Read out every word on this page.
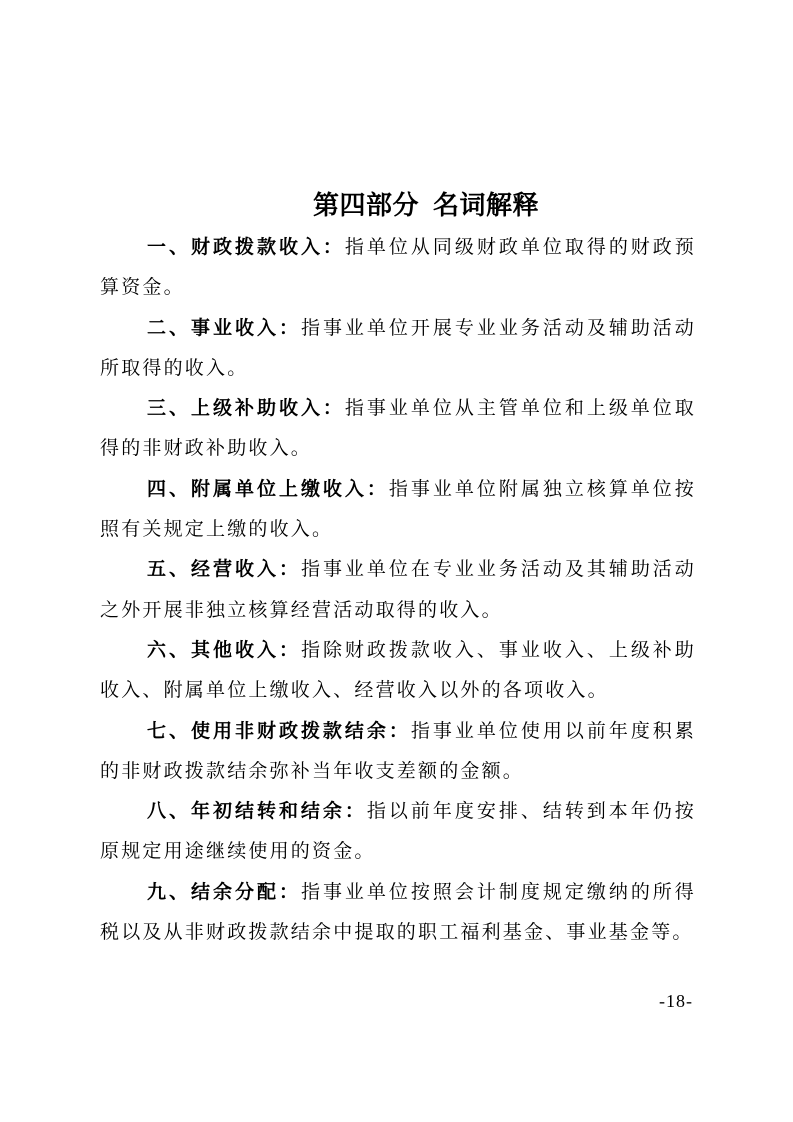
第四部分  名词解释

一、财政拨款收入：指单位从同级财政单位取得的财政预算资金。

二、事业收入：指事业单位开展专业业务活动及辅助活动所取得的收入。

三、上级补助收入：指事业单位从主管单位和上级单位取得的非财政补助收入。

四、附属单位上缴收入：指事业单位附属独立核算单位按照有关规定上缴的收入。

五、经营收入：指事业单位在专业业务活动及其辅助活动之外开展非独立核算经营活动取得的收入。

六、其他收入：指除财政拨款收入、事业收入、上级补助收入、附属单位上缴收入、经营收入以外的各项收入。

七、使用非财政拨款结余：指事业单位使用以前年度积累的非财政拨款结余弥补当年收支差额的金额。

八、年初结转和结余：指以前年度安排、结转到本年仍按原规定用途继续使用的资金。

九、结余分配：指事业单位按照会计制度规定缴纳的所得税以及从非财政拨款结余中提取的职工福利基金、事业基金等。

-18-
